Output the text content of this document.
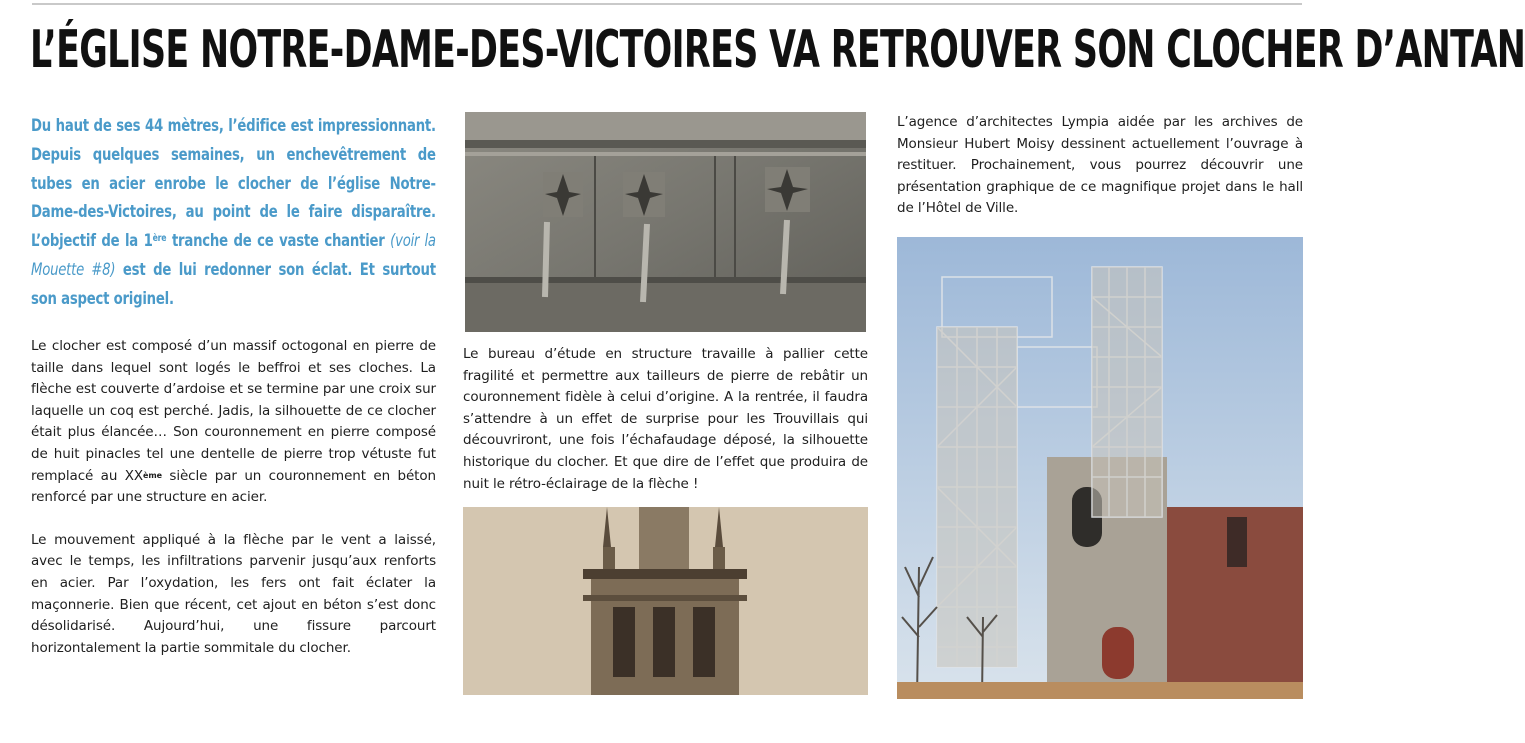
L’ÉGLISE NOTRE-DAME-DES-VICTOIRES VA RETROUVER SON CLOCHER D’ANTAN
Du haut de ses 44 mètres, l’édifice est impressionnant. Depuis quelques semaines, un enchevêtrement de tubes en acier enrobe le clocher de l’église Notre-Dame-des-Victoires, au point de le faire disparaître. L’objectif de la 1ère tranche de ce vaste chantier (voir la Mouette #8) est de lui redonner son éclat. Et surtout son aspect originel.

Le clocher est composé d’un massif octogonal en pierre de taille dans lequel sont logés le beffroi et ses cloches. La flèche est couverte d’ardoise et se termine par une croix sur laquelle un coq est perché. Jadis, la silhouette de ce clocher était plus élancée… Son couronnement en pierre composé de huit pinacles tel une dentelle de pierre trop vétuste fut remplacé au XXème siècle par un couronnement en béton renforcé par une structure en acier.

Le mouvement appliqué à la flèche par le vent a laissé, avec le temps, les infiltrations parvenir jusqu’aux renforts en acier. Par l’oxydation, les fers ont fait éclater la maçonnerie. Bien que récent, cet ajout en béton s’est donc désolidarisé. Aujourd’hui, une fissure parcourt horizontalement la partie sommitale du clocher.

Le bureau d’étude en structure travaille à pallier cette fragilité et permettre aux tailleurs de pierre de rebâtir un couronnement fidèle à celui d’origine. A la rentrée, il faudra s’attendre à un effet de surprise pour les Trouvillais qui découvriront, une fois l’échafaudage déposé, la silhouette historique du clocher. Et que dire de l’effet que produira de nuit le rétro-éclairage de la flèche !

L’agence d’architectes Lympia aidée par les archives de Monsieur Hubert Moisy dessinent actuellement l’ouvrage à restituer. Prochainement, vous pourrez découvrir une présentation graphique de ce magnifique projet dans le hall de l’Hôtel de Ville.
